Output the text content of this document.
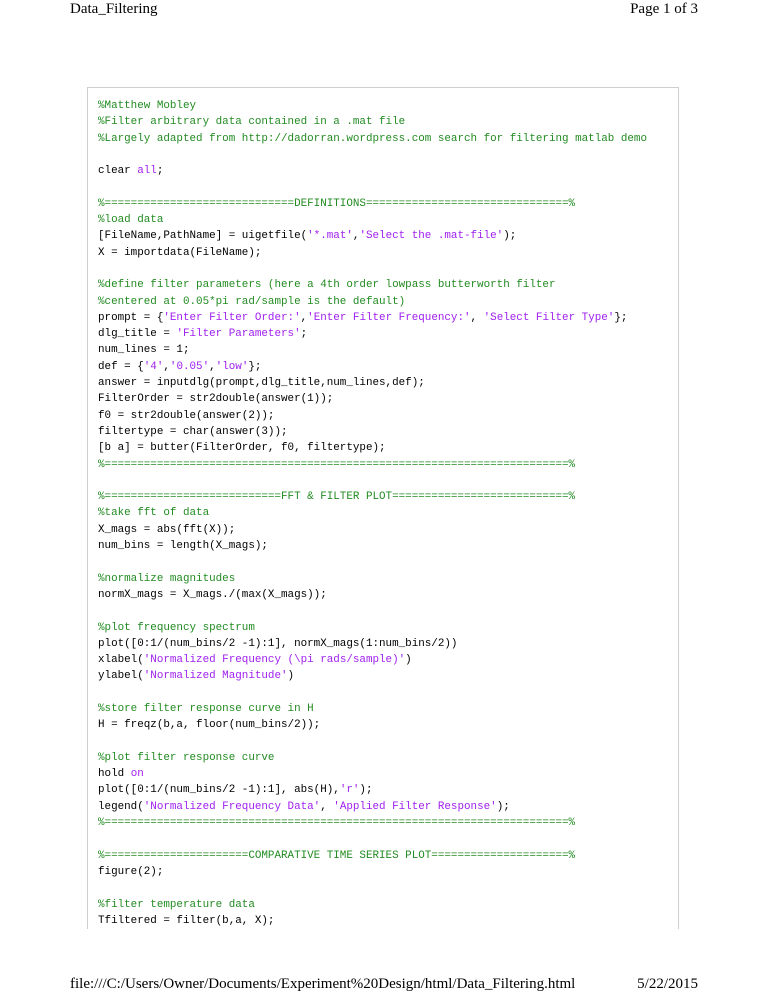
Data_Filtering	Page 1 of 3
%Matthew Mobley
%Filter arbitrary data contained in a .mat file
%Largely adapted from http://dadorran.wordpress.com search for filtering matlab demo

clear all;

%=============================DEFINITIONS===============================%
%load data
[FileName,PathName] = uigetfile('*.mat','Select the .mat-file');
X = importdata(FileName);

%define filter parameters (here a 4th order lowpass butterworth filter
%centered at 0.05*pi rad/sample is the default)
prompt = {'Enter Filter Order:','Enter Filter Frequency:', 'Select Filter Type'};
dlg_title = 'Filter Parameters';
num_lines = 1;
def = {'4','0.05','low'};
answer = inputdlg(prompt,dlg_title,num_lines,def);
FilterOrder = str2double(answer(1));
f0 = str2double(answer(2));
filtertype = char(answer(3));
[b a] = butter(FilterOrder, f0, filtertype);
%=======================================================================%

%===========================FFT & FILTER PLOT===========================%
%take fft of data
X_mags = abs(fft(X));
num_bins = length(X_mags);

%normalize magnitudes
normX_mags = X_mags./(max(X_mags));

%plot frequency spectrum
plot([0:1/(num_bins/2 -1):1], normX_mags(1:num_bins/2))
xlabel('Normalized Frequency (\pi rads/sample)')
ylabel('Normalized Magnitude')

%store filter response curve in H
H = freqz(b,a, floor(num_bins/2));

%plot filter response curve
hold on
plot([0:1/(num_bins/2 -1):1], abs(H),'r');
legend('Normalized Frequency Data', 'Applied Filter Response');
%=======================================================================%

%======================COMPARATIVE TIME SERIES PLOT=====================%
figure(2);

%filter temperature data
Tfiltered = filter(b,a, X);
file:///C:/Users/Owner/Documents/Experiment%20Design/html/Data_Filtering.html	5/22/2015
